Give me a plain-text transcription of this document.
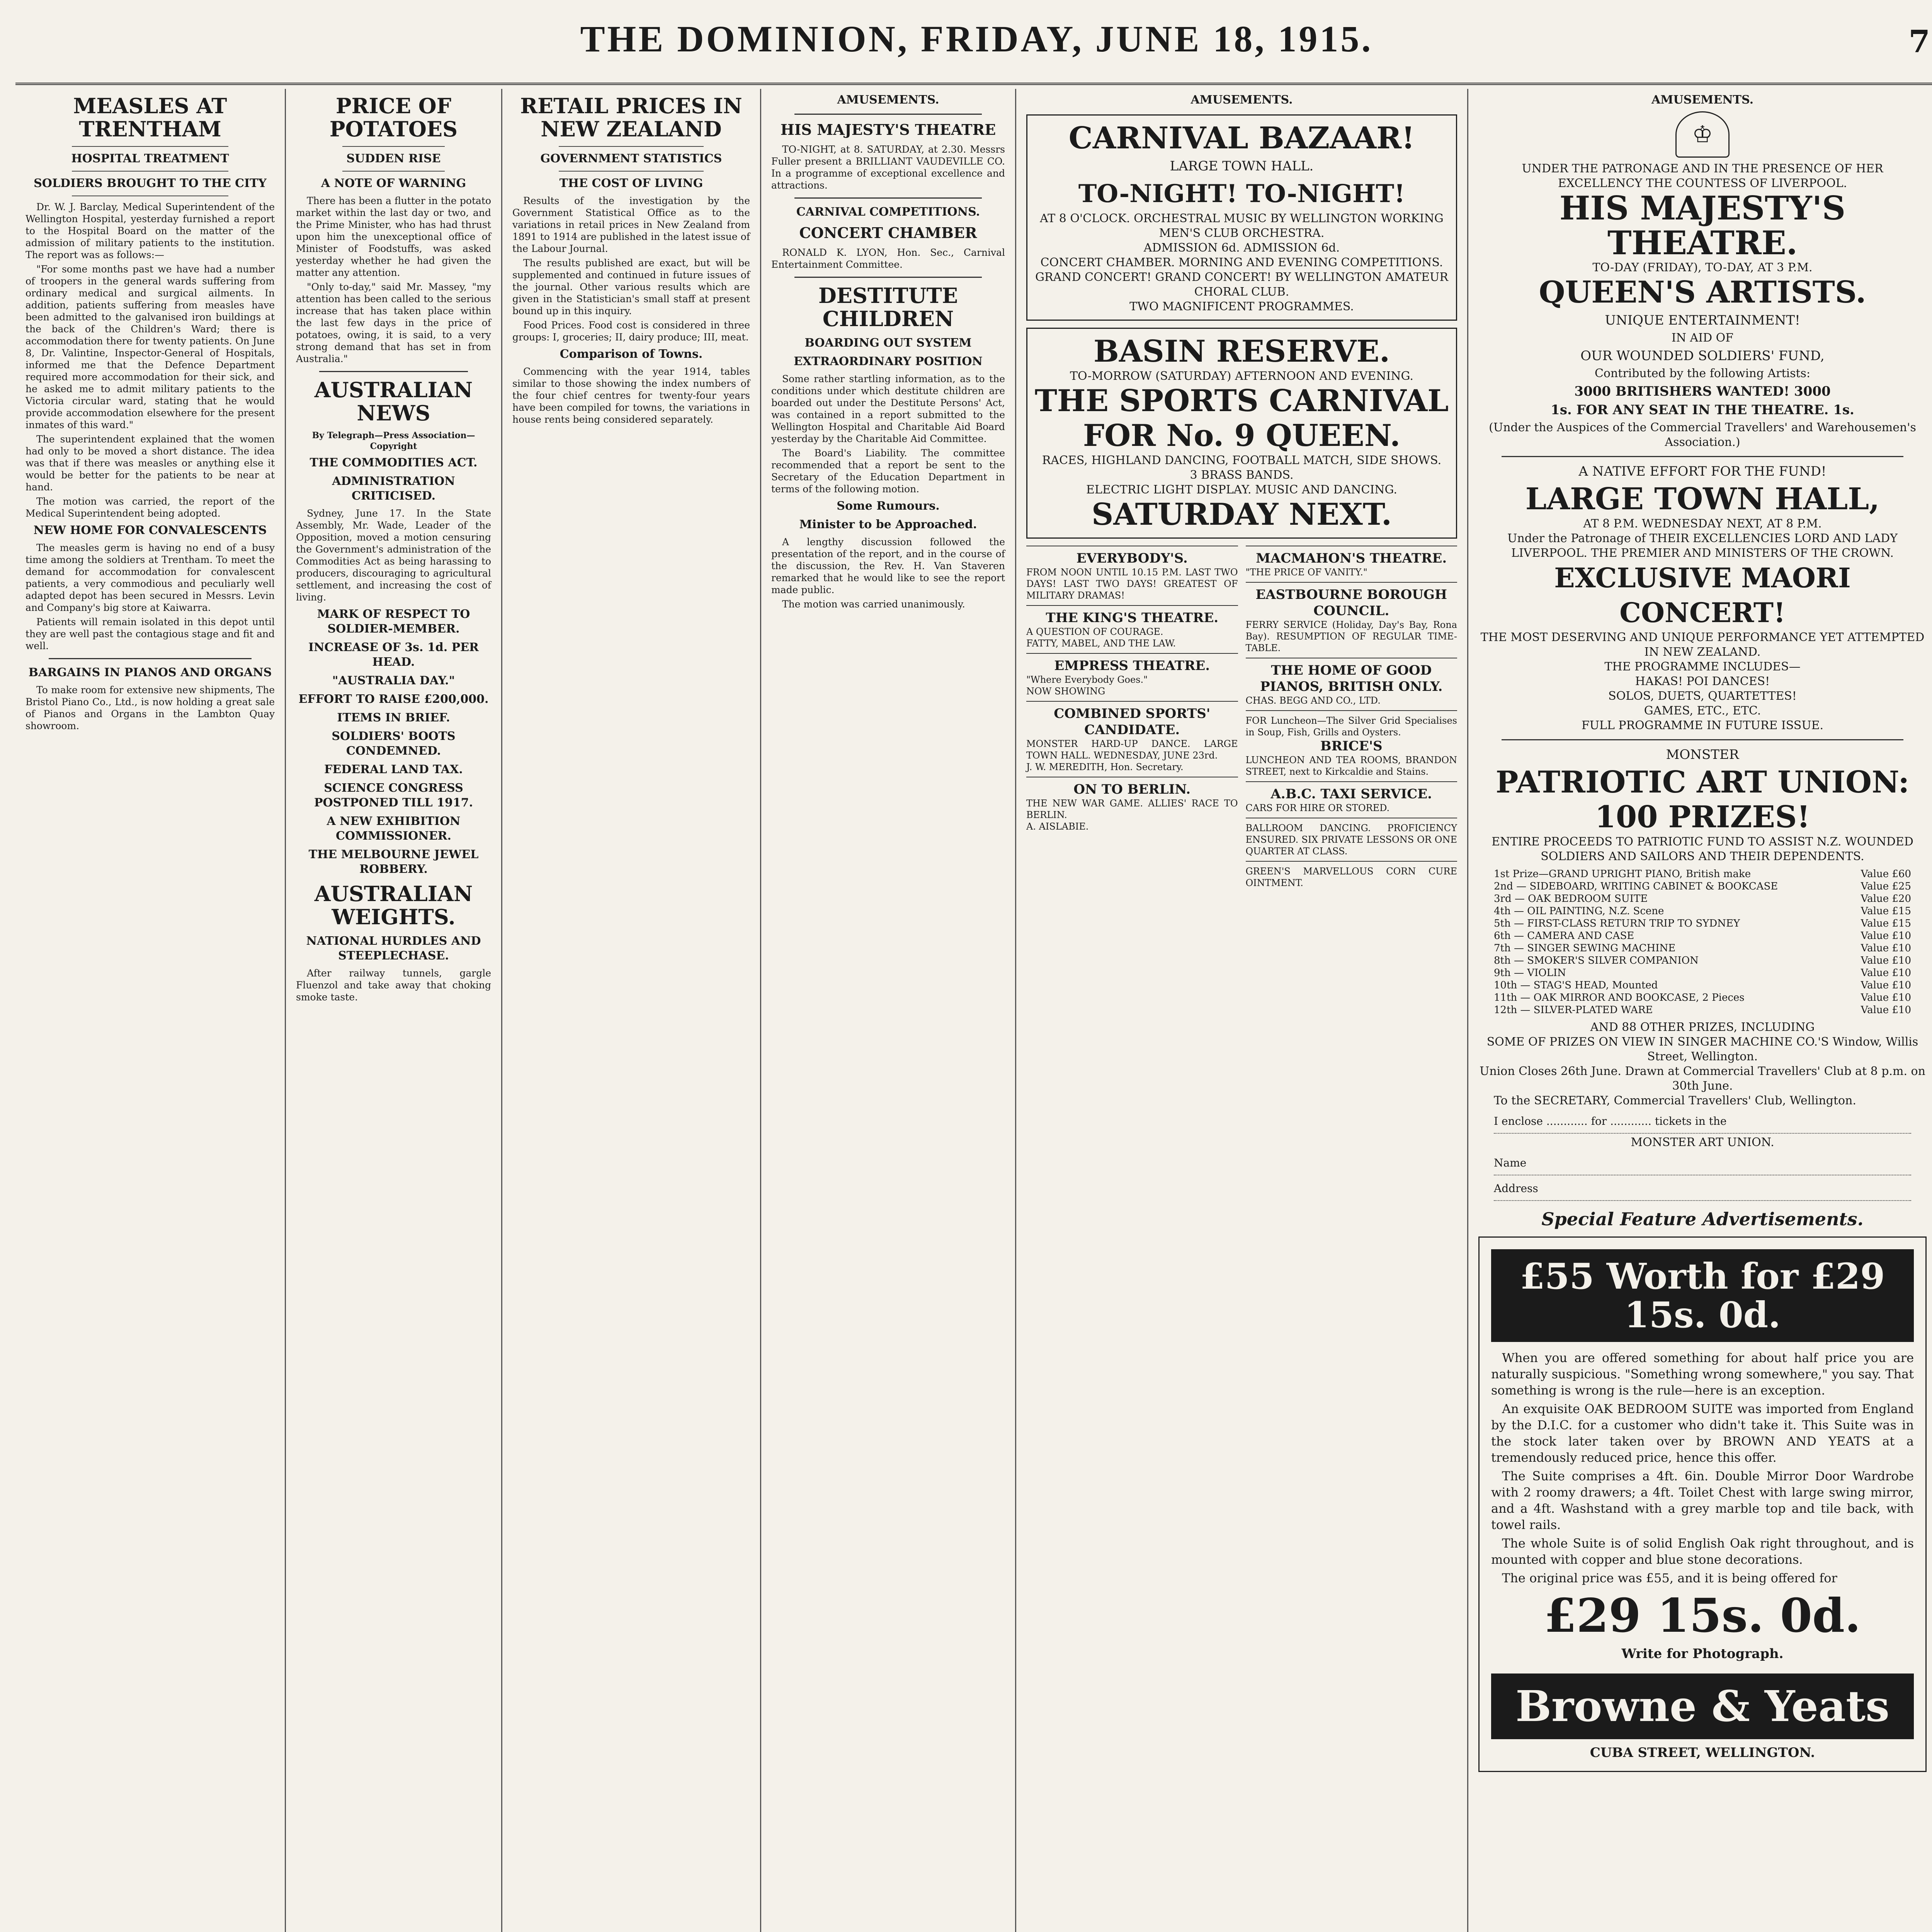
THE DOMINION, FRIDAY, JUNE 18, 1915.	7
MEASLES AT TRENTHAM
HOSPITAL TREATMENT
SOLDIERS BROUGHT TO THE CITY

Dr. W. J. Barclay, Medical Superintendent of the Wellington Hospital, yesterday furnished a report to the Hospital Board on the matter of the admission of military patients to the institution. The report was as follows:—

"For some months past we have had a number of troopers in the general wards suffering from ordinary medical and surgical ailments. In addition, patients suffering from measles have been admitted to the galvanised iron buildings at the back of the Children's Ward; there is accommodation there for twenty patients. On June 8, Dr. Valintine, Inspector-General of Hospitals, informed me that the Defence Department required more accommodation for their sick, and he asked me to admit military patients to the Victoria circular ward, stating that he would provide accommodation elsewhere for the present inmates of this ward."

The superintendent explained that the women had only to be moved a short distance. The idea was that if there was measles or anything else it would be better for the patients to be near at hand.

The motion was carried, the report of the Medical Superintendent being adopted.

NEW HOME FOR CONVALESCENTS

The measles germ is having no end of a busy time among the soldiers at Trentham. To meet the demand for accommodation for convalescent patients, a very commodious and peculiarly well adapted depot has been secured in Messrs. Levin and Company's big store at Kaiwarra.

Patients will remain isolated in this depot until they are well past the contagious stage and fit and well.

BARGAINS IN PIANOS AND ORGANS

To make room for extensive new shipments, The Bristol Piano Co., Ltd., is now holding a great sale of Pianos and Organs in the Lambton Quay showroom.

PRICE OF POTATOES
SUDDEN RISE
A NOTE OF WARNING

There has been a flutter in the potato market within the last day or two, and the Prime Minister, who has had thrust upon him the unexceptional office of Minister of Foodstuffs, was asked yesterday whether he had given the matter any attention.

"Only to-day," said Mr. Massey, "my attention has been called to the serious increase that has taken place within the last few days in the price of potatoes, owing, it is said, to a very strong demand that has set in from Australia."

AUSTRALIAN NEWS
By Telegraph—Press Association—Copyright
THE COMMODITIES ACT.
ADMINISTRATION CRITICISED.

Sydney, June 17. In the State Assembly, Mr. Wade, Leader of the Opposition, moved a motion censuring the Government's administration of the Commodities Act as being harassing to producers, discouraging to agricultural settlement, and increasing the cost of living.

MARK OF RESPECT TO SOLDIER-MEMBER.
INCREASE OF 3s. 1d. PER HEAD.
"AUSTRALIA DAY."
EFFORT TO RAISE £200,000.
ITEMS IN BRIEF.
SOLDIERS' BOOTS CONDEMNED.
FEDERAL LAND TAX.
SCIENCE CONGRESS POSTPONED TILL 1917.
A NEW EXHIBITION COMMISSIONER.
THE MELBOURNE JEWEL ROBBERY.
AUSTRALIAN WEIGHTS.
NATIONAL HURDLES AND STEEPLECHASE.

After railway tunnels, gargle Fluenzol and take away that choking smoke taste.

RETAIL PRICES IN NEW ZEALAND
GOVERNMENT STATISTICS
THE COST OF LIVING

Results of the investigation by the Government Statistical Office as to the variations in retail prices in New Zealand from 1891 to 1914 are published in the latest issue of the Labour Journal.

The results published are exact, but will be supplemented and continued in future issues of the journal. Other various results which are given in the Statistician's small staff at present bound up in this inquiry.

Food Prices. Food cost is considered in three groups: I, groceries; II, dairy produce; III, meat.

Comparison of Towns.

Commencing with the year 1914, tables similar to those showing the index numbers of the four chief centres for twenty-four years have been compiled for towns, the variations in house rents being considered separately.

AMUSEMENTS.
HIS MAJESTY'S THEATRE

TO-NIGHT, at 8. SATURDAY, at 2.30. Messrs Fuller present a BRILLIANT VAUDEVILLE CO. In a programme of exceptional excellence and attractions.

CARNIVAL COMPETITIONS.
CONCERT CHAMBER

RONALD K. LYON, Hon. Sec., Carnival Entertainment Committee.

DESTITUTE CHILDREN
BOARDING OUT SYSTEM
EXTRAORDINARY POSITION

Some rather startling information, as to the conditions under which destitute children are boarded out under the Destitute Persons' Act, was contained in a report submitted to the Wellington Hospital and Charitable Aid Board yesterday by the Charitable Aid Committee.

The Board's Liability. The committee recommended that a report be sent to the Secretary of the Education Department in terms of the following motion.

Some Rumours.
Minister to be Approached.

A lengthy discussion followed the presentation of the report, and in the course of the discussion, the Rev. H. Van Staveren remarked that he would like to see the report made public.

The motion was carried unanimously.

AMUSEMENTS.
CARNIVAL BAZAAR!
LARGE TOWN HALL.
TO-NIGHT! TO-NIGHT!
AT 8 O'CLOCK. ORCHESTRAL MUSIC BY WELLINGTON WORKING MEN'S CLUB ORCHESTRA.
ADMISSION 6d. ADMISSION 6d.
CONCERT CHAMBER. MORNING AND EVENING COMPETITIONS.
GRAND CONCERT! GRAND CONCERT! BY WELLINGTON AMATEUR CHORAL CLUB.
TWO MAGNIFICENT PROGRAMMES.
BASIN RESERVE.
TO-MORROW (SATURDAY) AFTERNOON AND EVENING.
THE SPORTS CARNIVAL
FOR No. 9 QUEEN.
RACES, HIGHLAND DANCING, FOOTBALL MATCH, SIDE SHOWS.
3 BRASS BANDS.
ELECTRIC LIGHT DISPLAY. MUSIC AND DANCING.
SATURDAY NEXT.
EVERYBODY'S.
FROM NOON UNTIL 10.15 P.M. LAST TWO DAYS! LAST TWO DAYS! GREATEST OF MILITARY DRAMAS!
THE KING'S THEATRE.
A QUESTION OF COURAGE.
FATTY, MABEL, AND THE LAW.
EMPRESS THEATRE.
"Where Everybody Goes."
NOW SHOWING
COMBINED SPORTS' CANDIDATE.
MONSTER HARD-UP DANCE. LARGE TOWN HALL. WEDNESDAY, JUNE 23rd.
J. W. MEREDITH, Hon. Secretary.
ON TO BERLIN.
THE NEW WAR GAME. ALLIES' RACE TO BERLIN.
A. AISLABIE.
MACMAHON'S THEATRE.
"THE PRICE OF VANITY."
EASTBOURNE BOROUGH COUNCIL.
FERRY SERVICE (Holiday, Day's Bay, Rona Bay). RESUMPTION OF REGULAR TIME-TABLE.
THE HOME OF GOOD PIANOS, BRITISH ONLY.
CHAS. BEGG AND CO., LTD.
FOR Luncheon—The Silver Grid Specialises in Soup, Fish, Grills and Oysters.
BRICE'S
LUNCHEON AND TEA ROOMS, BRANDON STREET, next to Kirkcaldie and Stains.
A.B.C. TAXI SERVICE.
CARS FOR HIRE OR STORED.
BALLROOM DANCING. PROFICIENCY ENSURED. SIX PRIVATE LESSONS OR ONE QUARTER AT CLASS.
GREEN'S MARVELLOUS CORN CURE OINTMENT.
AMUSEMENTS.
♔
UNDER THE PATRONAGE AND IN THE PRESENCE OF HER EXCELLENCY THE COUNTESS OF LIVERPOOL.
HIS MAJESTY'S THEATRE.
TO-DAY (FRIDAY), TO-DAY, AT 3 P.M.
QUEEN'S ARTISTS.
UNIQUE ENTERTAINMENT!
IN AID OF
OUR WOUNDED SOLDIERS' FUND,
Contributed by the following Artists:
3000 BRITISHERS WANTED! 3000
1s. FOR ANY SEAT IN THE THEATRE. 1s.
(Under the Auspices of the Commercial Travellers' and Warehousemen's Association.)
A NATIVE EFFORT FOR THE FUND!
LARGE TOWN HALL,
AT 8 P.M. WEDNESDAY NEXT, AT 8 P.M.
Under the Patronage of THEIR EXCELLENCIES LORD AND LADY LIVERPOOL. THE PREMIER AND MINISTERS OF THE CROWN.
EXCLUSIVE MAORI CONCERT!
THE MOST DESERVING AND UNIQUE PERFORMANCE YET ATTEMPTED IN NEW ZEALAND.
THE PROGRAMME INCLUDES—
HAKAS! POI DANCES!
SOLOS, DUETS, QUARTETTES!
GAMES, ETC., ETC.
FULL PROGRAMME IN FUTURE ISSUE.
MONSTER
PATRIOTIC ART UNION:
100 PRIZES!
ENTIRE PROCEEDS TO PATRIOTIC FUND TO ASSIST N.Z. WOUNDED SOLDIERS AND SAILORS AND THEIR DEPENDENTS.
1st Prize—GRAND UPRIGHT PIANO, British make	Value £60
2nd — SIDEBOARD, WRITING CABINET & BOOKCASE	Value £25
3rd — OAK BEDROOM SUITE	Value £20
4th — OIL PAINTING, N.Z. Scene	Value £15
5th — FIRST-CLASS RETURN TRIP TO SYDNEY	Value £15
6th — CAMERA AND CASE	Value £10
7th — SINGER SEWING MACHINE	Value £10
8th — SMOKER'S SILVER COMPANION	Value £10
9th — VIOLIN	Value £10
10th — STAG'S HEAD, Mounted	Value £10
11th — OAK MIRROR AND BOOKCASE, 2 Pieces	Value £10
12th — SILVER-PLATED WARE	Value £10
AND 88 OTHER PRIZES, INCLUDING
SOME OF PRIZES ON VIEW IN SINGER MACHINE CO.'S Window, Willis Street, Wellington.
Union Closes 26th June. Drawn at Commercial Travellers' Club at 8 p.m. on 30th June.
To the SECRETARY, Commercial Travellers' Club, Wellington.
I enclose ............ for ............ tickets in the
MONSTER ART UNION.
Name
Address
Special Feature Advertisements.
£55 Worth for £29 15s. 0d.

When you are offered something for about half price you are naturally suspicious. "Something wrong somewhere," you say. That something is wrong is the rule—here is an exception.

An exquisite OAK BEDROOM SUITE was imported from England by the D.I.C. for a customer who didn't take it. This Suite was in the stock later taken over by BROWN AND YEATS at a tremendously reduced price, hence this offer.

The Suite comprises a 4ft. 6in. Double Mirror Door Wardrobe with 2 roomy drawers; a 4ft. Toilet Chest with large swing mirror, and a 4ft. Washstand with a grey marble top and tile back, with towel rails.

The whole Suite is of solid English Oak right throughout, and is mounted with copper and blue stone decorations.

The original price was £55, and it is being offered for

£29 15s. 0d.
Write for Photograph.
Browne & Yeats
CUBA STREET, WELLINGTON.
